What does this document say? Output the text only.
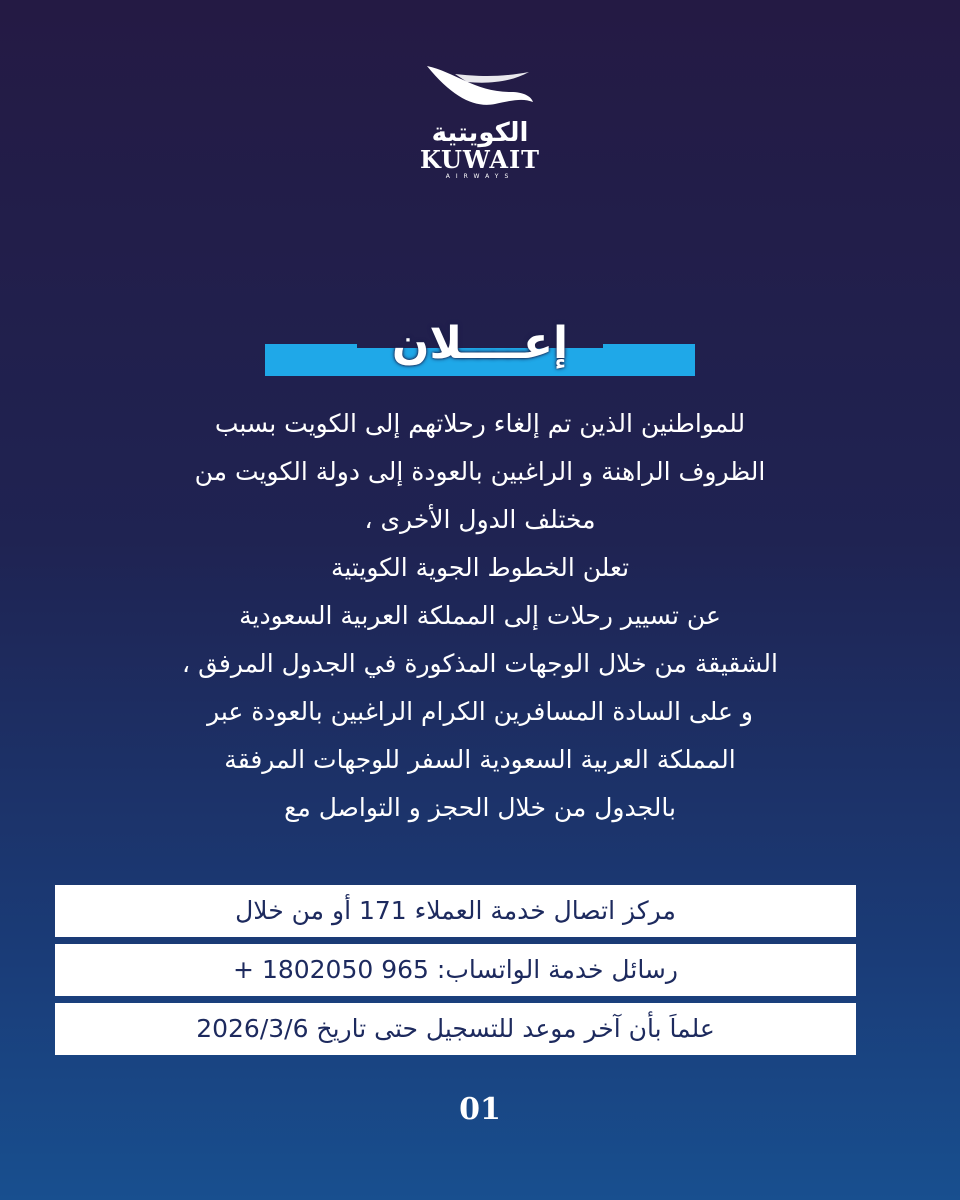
الكويتية
KUWAIT
AIRWAYS
إعــــلان
للمواطنين الذين تم إلغاء رحلاتهم إلى الكويت بسبب
الظروف الراهنة و الراغبين بالعودة إلى دولة الكويت من
مختلف الدول الأخرى ،
تعلن الخطوط الجوية الكويتية
عن تسيير رحلات إلى المملكة العربية السعودية
الشقيقة من خلال الوجهات المذكورة في الجدول المرفق ،
و على السادة المسافرين الكرام الراغبين بالعودة عبر
المملكة العربية السعودية السفر للوجهات المرفقة
بالجدول من خلال الحجز و التواصل مع
مركز اتصال خدمة العملاء 171 أو من خلال
رسائل خدمة الواتساب: 965 1802050 +
علماَ بأن آخر موعد للتسجيل حتى تاريخ 2026/3/6
01
